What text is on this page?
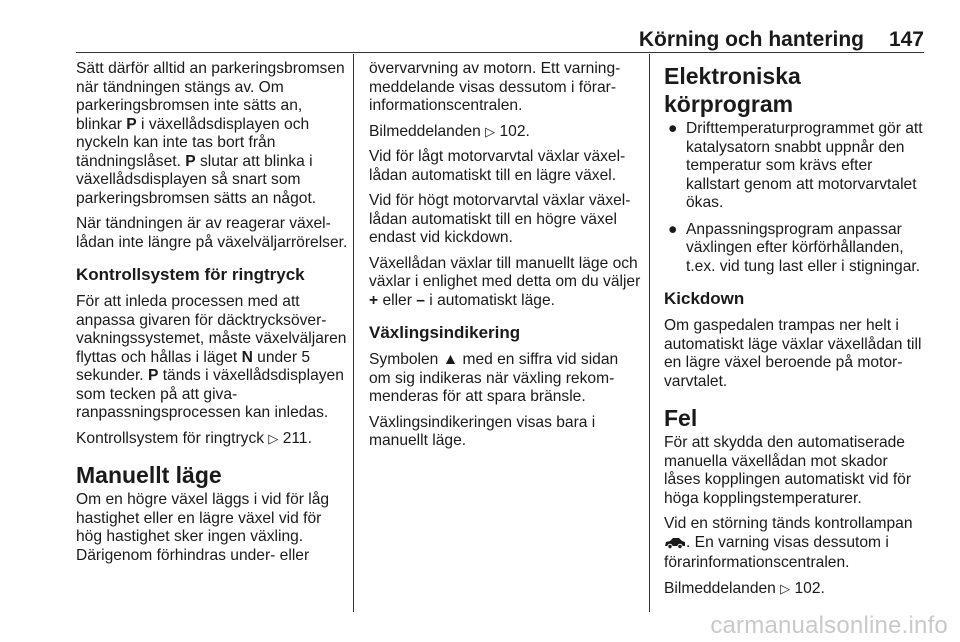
Körning och hantering 147

Sätt därför alltid an parkeringsbromsen när tändningen stängs av. Om parkeringsbromsen inte sätts an, blinkar P i växellådsdisplayen och nyckeln kan inte tas bort från tändningslåset. P slutar att blinka i växellådsdisplayen så snart som parkeringsbromsen sätts an något.

När tändningen är av reagerar växellådan inte längre på växelväljarrörelser.

Kontrollsystem för ringtryck

För att inleda processen med att anpassa givaren för däcktrycksövervakningssystemet, måste växelväljaren flyttas och hållas i läget N under 5 sekunder. P tänds i växellådsdisplayen som tecken på att givaranpassningsprocessen kan inledas.

Kontrollsystem för ringtryck ▷ 211.

Manuellt läge

Om en högre växel läggs i vid för låg hastighet eller en lägre växel vid för hög hastighet sker ingen växling. Därigenom förhindras under- eller

övervarvning av motorn. Ett varningmeddelande visas dessutom i förarinformationscentralen.

Bilmeddelanden ▷ 102.

Vid för lågt motorvarvtal växlar växellådan automatiskt till en lägre växel.

Vid för högt motorvarvtal växlar växellådan automatiskt till en högre växel endast vid kickdown.

Växellådan växlar till manuellt läge och växlar i enlighet med detta om du väljer + eller – i automatiskt läge.

Växlingsindikering

Symbolen ▲ med en siffra vid sidan om sig indikeras när växling rekommenderas för att spara bränsle.

Växlingsindikeringen visas bara i manuellt läge.

Elektroniska körprogram
● Drifttemperaturprogrammet gör att katalysatorn snabbt uppnår den temperatur som krävs efter kallstart genom att motorvarvtalet ökas.
● Anpassningsprogram anpassar växlingen efter körförhållanden, t.ex. vid tung last eller i stigningar.
Kickdown

Om gaspedalen trampas ner helt i automatiskt läge växlar växellådan till en lägre växel beroende på motorvarvtalet.

Fel

För att skydda den automatiserade manuella växellådan mot skador låses kopplingen automatiskt vid för höga kopplingstemperaturer.

Vid en störning tänds kontrollampan . En varning visas dessutom i förarinformationscentralen.

Bilmeddelanden ▷ 102.

carmanualsonline.info
